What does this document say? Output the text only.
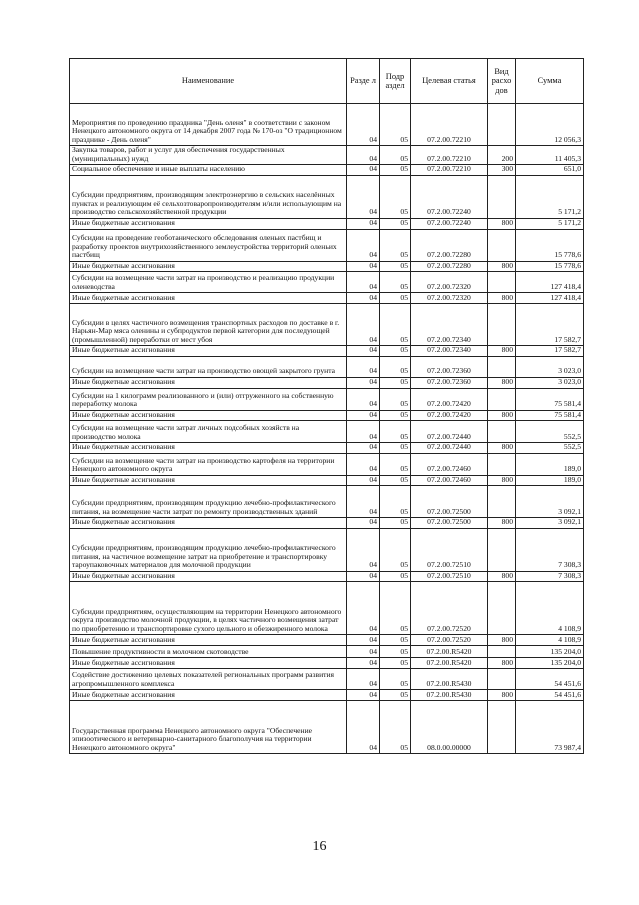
Наименование	Разде л	Подр аздел	Целевая статья	Вид расхо дов	Сумма
Мероприятия по проведению праздника "День оленя" в соответствии с законом Ненецкого автономного округа от 14 декабря 2007 года № 170-оз "О традиционном празднике - День оленя"	04	05	07.2.00.72210		12 056,3
Закупка товаров, работ и услуг для обеспечения государственных (муниципальных) нужд	04	05	07.2.00.72210	200	11 405,3
Социальное обеспечение и иные выплаты населению	04	05	07.2.00.72210	300	651,0
Субсидии предприятиям, производящим электроэнергию в сельских населённых пунктах и реализующим её сельхозтоваропроизводителям и/или использующим на производство сельскохозяйственной продукции	04	05	07.2.00.72240		5 171,2
Иные бюджетные ассигнования	04	05	07.2.00.72240	800	5 171,2
Субсидии на проведение геоботанического обследования оленьих пастбищ и разработку проектов внутрихозяйственного землеустройства территорий оленьих пастбищ	04	05	07.2.00.72280		15 778,6
Иные бюджетные ассигнования	04	05	07.2.00.72280	800	15 778,6
Субсидии на возмещение части затрат на производство и реализацию продукции оленеводства	04	05	07.2.00.72320		127 418,4
Иные бюджетные ассигнования	04	05	07.2.00.72320	800	127 418,4
Субсидии в целях частичного возмещения транспортных расходов по доставке в г. Нарьян-Мар мяса оленины и субпродуктов первой категории для последующей (промышленной) переработки от мест убоя	04	05	07.2.00.72340		17 582,7
Иные бюджетные ассигнования	04	05	07.2.00.72340	800	17 582,7
Субсидии на возмещение части затрат на производство овощей закрытого грунта	04	05	07.2.00.72360		3 023,0
Иные бюджетные ассигнования	04	05	07.2.00.72360	800	3 023,0
Субсидии на 1 килограмм реализованного и (или) отгруженного на собственную переработку молока	04	05	07.2.00.72420		75 581,4
Иные бюджетные ассигнования	04	05	07.2.00.72420	800	75 581,4
Субсидии на возмещение части затрат личных подсобных хозяйств на производство молока	04	05	07.2.00.72440		552,5
Иные бюджетные ассигнования	04	05	07.2.00.72440	800	552,5
Субсидии на возмещение части затрат на производство картофеля на территории Ненецкого автономного округа	04	05	07.2.00.72460		189,0
Иные бюджетные ассигнования	04	05	07.2.00.72460	800	189,0
Субсидии предприятиям, производящим продукцию лечебно-профилактического питания, на возмещение части затрат по ремонту производственных зданий	04	05	07.2.00.72500		3 092,1
Иные бюджетные ассигнования	04	05	07.2.00.72500	800	3 092,1
Субсидии предприятиям, производящим продукцию лечебно-профилактического питания, на частичное возмещение затрат на приобретение и транспортировку тароупаковочных материалов для молочной продукции	04	05	07.2.00.72510		7 308,3
Иные бюджетные ассигнования	04	05	07.2.00.72510	800	7 308,3
Субсидии предприятиям, осуществляющим на территории Ненецкого автономного округа производство молочной продукции, в целях частичного возмещения затрат по приобретению и транспортировке сухого цельного и обезжиренного молока	04	05	07.2.00.72520		4 108,9
Иные бюджетные ассигнования	04	05	07.2.00.72520	800	4 108,9
Повышение продуктивности в молочном скотоводстве	04	05	07.2.00.R5420		135 204,0
Иные бюджетные ассигнования	04	05	07.2.00.R5420	800	135 204,0
Содействие достижению целевых показателей региональных программ развития агропромышленного комплекса	04	05	07.2.00.R5430		54 451,6
Иные бюджетные ассигнования	04	05	07.2.00.R5430	800	54 451,6
Государственная программа Ненецкого автономного округа "Обеспечение эпизоотического и ветеринарно-санитарного благополучия на территории Ненецкого автономного округа"	04	05	08.0.00.00000		73 987,4
16
